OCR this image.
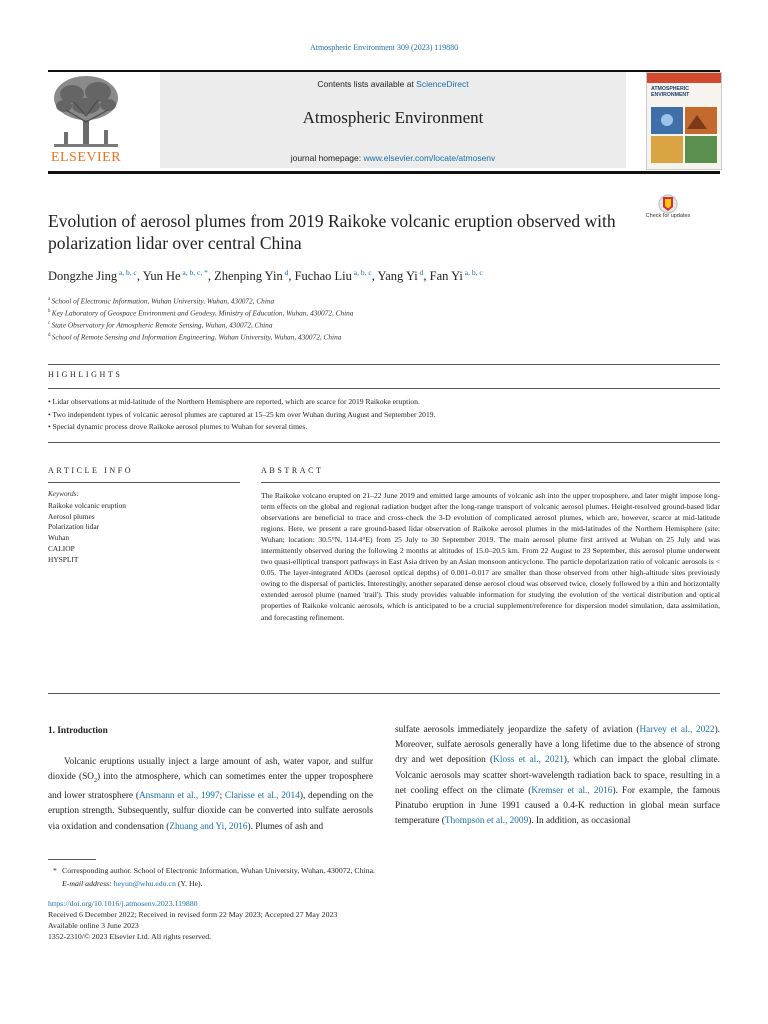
Atmospheric Environment 309 (2023) 119880
ELSEVIER
Contents lists available at ScienceDirect
Atmospheric Environment
journal homepage: www.elsevier.com/locate/atmosenv
ATMOSPHERIC ENVIRONMENT
Check for updates
Evolution of aerosol plumes from 2019 Raikoke volcanic eruption observed with polarization lidar over central China
Dongzhe Jing $^{a, b, c}$, Yun He $^{a, b, c, *}$, Zhenping Yin $^d$, Fuchao Liu $^{a, b, c}$, Yang Yi $^d$, Fan Yi $^{a, b, c}$
$^a$ School of Electronic Information, Wuhan University, Wuhan, 430072, China
$^b$ Key Laboratory of Geospace Environment and Geodesy, Ministry of Education, Wuhan, 430072, China
$^c$ State Observatory for Atmospheric Remote Sensing, Wuhan, 430072, China
$^d$ School of Remote Sensing and Information Engineering, Wuhan University, Wuhan, 430072, China
HIGHLIGHTS
• Lidar observations at mid-latitude of the Northern Hemisphere are reported, which are scarce for 2019 Raikoke eruption.
• Two independent types of volcanic aerosol plumes are captured at 15–25 km over Wuhan during August and September 2019.
• Special dynamic process drove Raikoke aerosol plumes to Wuhan for several times.
ARTICLE INFO
Keywords:
Raikoke volcanic eruption
Aerosol plumes
Polarization lidar
Wuhan
CALIOP
HYSPLIT
ABSTRACT
The Raikoke volcano erupted on 21–22 June 2019 and emitted large amounts of volcanic ash into the upper troposphere, and later might impose long-term effects on the global and regional radiation budget after the long-range transport of volcanic aerosol plumes. Height-resolved ground-based lidar observations are beneficial to trace and cross-check the 3-D evolution of complicated aerosol plumes, which are, however, scarce at mid-latitude regions. Here, we present a rare ground-based lidar observation of Raikoke aerosol plumes in the mid-latitudes of the Northern Hemisphere (site: Wuhan; location: 30.5°N, 114.4°E) from 25 July to 30 September 2019. The main aerosol plume first arrived at Wuhan on 25 July and was intermittently observed during the following 2 months at altitudes of 15.0–20.5 km. From 22 August to 23 September, this aerosol plume underwent two quasi-elliptical transport pathways in East Asia driven by an Asian monsoon anticyclone. The particle depolarization ratio of volcanic aerosols is < 0.05. The layer-integrated AODs (aerosol optical depths) of 0.001–0.017 are smaller than those observed from other high-altitude sites previously owing to the dispersal of particles. Interestingly, another separated dense aerosol cloud was observed twice, closely followed by a thin and horizontally extended aerosol plume (named 'trail'). This study provides valuable information for studying the evolution of the vertical distribution and optical properties of Raikoke volcanic aerosols, which is anticipated to be a crucial supplement/reference for dispersion model simulation, data assimilation, and forecasting refinement.
1. Introduction
Volcanic eruptions usually inject a large amount of ash, water vapor, and sulfur dioxide $(SO_2)$ into the atmosphere, which can sometimes enter the upper troposphere and lower stratosphere (Ansmann et al., 1997; Clarisse et al., 2014), depending on the eruption strength. Subsequently, sulfur dioxide can be converted into sulfate aerosols via oxidation and condensation (Zhuang and Yi, 2016). Plumes of ash and
sulfate aerosols immediately jeopardize the safety of aviation (Harvey et al., 2022). Moreover, sulfate aerosols generally have a long lifetime due to the absence of strong dry and wet deposition (Kloss et al., 2021), which can impact the global climate. Volcanic aerosols may scatter short-wavelength radiation back to space, resulting in a net cooling effect on the climate (Kremser et al., 2016). For example, the famous Pinatubo eruption in June 1991 caused a 0.4-K reduction in global mean surface temperature (Thompson et al., 2009). In addition, as occasional
* Corresponding author. School of Electronic Information, Wuhan University, Wuhan, 430072, China.
E-mail address: heyun@whu.edu.cn (Y. He).
https://doi.org/10.1016/j.atmosenv.2023.119880
Received 6 December 2022; Received in revised form 22 May 2023; Accepted 27 May 2023
Available online 3 June 2023
1352-2310/© 2023 Elsevier Ltd. All rights reserved.
